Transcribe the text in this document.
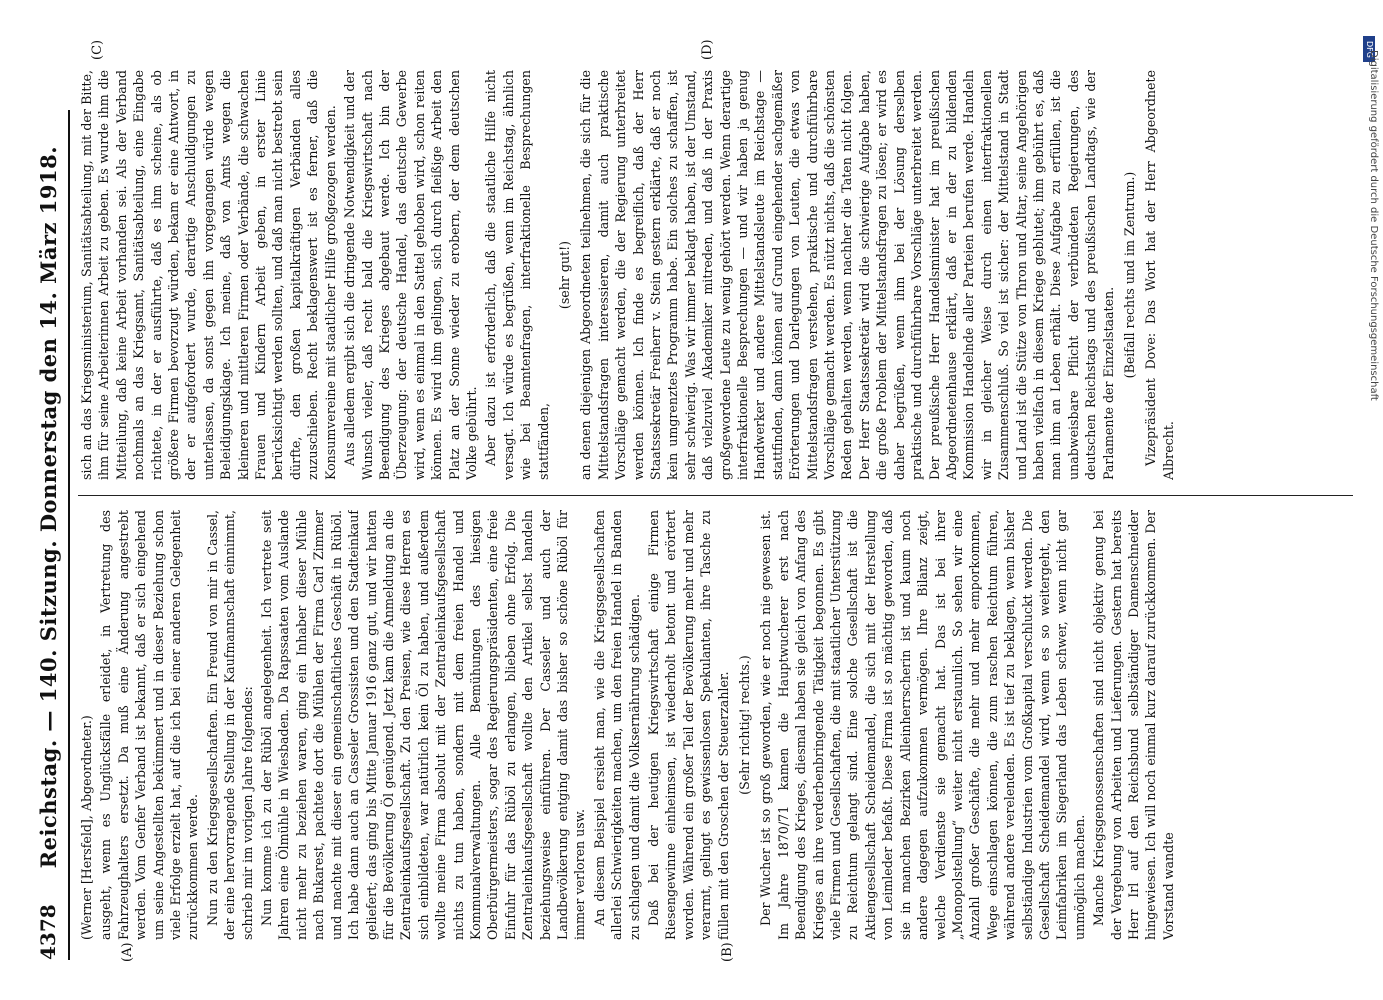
4378
Reichstag. — 140. Sitzung. Donnerstag den 14. März 1918.
(A)	(B)
(C)	(D)

(Werner [Hersfeld], Abgeordneter.) ausgeht, wenn es Unglücksfälle erleidet, in Vertretung des Fahrzeughalters ersetzt. Da muß eine Änderung angestrebt werden. Vom Genfer Verband ist bekannt, daß er sich eingehend um seine Angestellten bekümmert und in dieser Beziehung schon viele Erfolge erzielt hat, auf die ich bei einer anderen Gelegenheit zurückkommen werde. Nun zu den Kriegsgesellschaften. Ein Freund von mir in Cassel, der eine hervorragende Stellung in der Kaufmannschaft einnimmt, schrieb mir im vorigen Jahre folgendes: Nun komme ich zu der Rüböl angelegenheit. Ich vertrete seit Jahren eine Ölmühle in Wiesbaden. Da Rapssaaten vom Auslande nicht mehr zu beziehen waren, ging ein Inhaber dieser Mühle nach Bukarest, pachtete dort die Mühlen der Firma Carl Zimmer und machte mit dieser ein gemeinschaftliches Geschäft in Rüböl. Ich habe dann auch an Casseler Grossisten und den Stadteinkauf geliefert; das ging bis Mitte Januar 1916 ganz gut, und wir hatten für die Bevölkerung Öl genügend. Jetzt kam die Anmeldung an die Zentraleinkaufsgesellschaft. Zu den Preisen, wie diese Herren es sich einbildeten, war natürlich kein Öl zu haben, und außerdem wollte meine Firma absolut mit der Zentraleinkaufsgesellschaft nichts zu tun haben, sondern mit dem freien Handel und Kommunalverwaltungen. Alle Bemühungen des hiesigen Oberbürgermeisters, sogar des Regierungspräsidenten, eine freie Einfuhr für das Rüböl zu erlangen, blieben ohne Erfolg. Die Zentraleinkaufsgesellschaft wollte den Artikel selbst handeln beziehungsweise einführen. Der Casseler und auch der Landbevölkerung entging damit das bisher so schöne Rüböl für immer verloren usw. An diesem Beispiel ersieht man, wie die Kriegsgesellschaften allerlei Schwierigkeiten machen, um den freien Handel in Banden zu schlagen und damit die Volksernährung schädigen. Daß bei der heutigen Kriegswirtschaft einige Firmen Riesengewinne einheimsen, ist wiederholt betont und erörtert worden. Während ein großer Teil der Bevölkerung mehr und mehr verarmt, gelingt es gewissenlosen Spekulanten, ihre Tasche zu füllen mit den Groschen der Steuerzahler. (Sehr richtig! rechts.) Der Wucher ist so groß geworden, wie er noch nie gewesen ist. Im Jahre 1870/71 kamen die Hauptwucherer erst nach Beendigung des Krieges, diesmal haben sie gleich von Anfang des Krieges an ihre verderbenbringende Tätigkeit begonnen. Es gibt viele Firmen und Gesellschaften, die mit staatlicher Unterstützung zu Reichtum gelangt sind. Eine solche Gesellschaft ist die Aktiengesellschaft Scheidemandel, die sich mit der Herstellung von Leimleder befaßt. Diese Firma ist so mächtig geworden, daß sie in manchen Bezirken Alleinherrscherin ist und kaum noch andere dagegen aufzukommen vermögen. Ihre Bilanz zeigt, welche Verdienste sie gemacht hat. Das ist bei ihrer „Monopolstellung“ weiter nicht erstaunlich. So sehen wir eine Anzahl großer Geschäfte, die mehr und mehr emporkommen, Wege einschlagen können, die zum raschen Reichtum führen, während andere verelenden. Es ist tief zu beklagen, wenn bisher selbständige Industrien vom Großkapital verschluckt werden. Die Gesellschaft Scheidemandel wird, wenn es so weitergeht, den Leimfabriken im Siegerland das Leben schwer, wenn nicht gar unmöglich machen. Manche Kriegsgenossenschaften sind nicht objektiv genug bei der Vergebung von Arbeiten und Lieferungen. Gestern hat bereits Herr Irl auf den Reichsbund selbständiger Damenschneider hingewiesen. Ich will noch einmal kurz darauf zurückkommen. Der Vorstand wandte

sich an das Kriegsministerium, Sanitätsabteilung, mit der Bitte, ihm für seine Arbeiterinnen Arbeit zu geben. Es wurde ihm die Mitteilung, daß keine Arbeit vorhanden sei. Als der Verband nochmals an das Kriegsamt, Sanitätsabteilung, eine Eingabe richtete, in der er ausführte, daß es ihm scheine, als ob größere Firmen bevorzugt würden, bekam er eine Antwort, in der er aufgefordert wurde, derartige Anschuldigungen zu unterlassen, da sonst gegen ihn vorgegangen würde wegen Beleidigungsklage. Ich meine, daß von Amts wegen die kleineren und mittleren Firmen oder Verbände, die schwachen Frauen und Kindern Arbeit geben, in erster Linie berücksichtigt werden sollten, und daß man nicht bestrebt sein dürfte, den großen kapitalkräftigen Verbänden alles zuzuschieben. Recht beklagenswert ist es ferner, daß die Konsumvereine mit staatlicher Hilfe großgezogen werden. Aus alledem ergibt sich die dringende Notwendigkeit und der Wunsch vieler, daß recht bald die Kriegswirtschaft nach Beendigung des Krieges abgebaut werde. Ich bin der Überzeugung: der deutsche Handel, das deutsche Gewerbe wird, wenn es einmal in den Sattel gehoben wird, schon reiten können. Es wird ihm gelingen, sich durch fleißige Arbeit den Platz an der Sonne wieder zu erobern, der dem deutschen Volke gebührt. Aber dazu ist erforderlich, daß die staatliche Hilfe nicht versagt. Ich würde es begrüßen, wenn im Reichstag, ähnlich wie bei Beamtenfragen, interfraktionelle Besprechungen stattfänden,

(sehr gut!) an denen diejenigen Abgeordneten teilnehmen, die sich für die Mittelstandsfragen interessieren, damit auch praktische Vorschläge gemacht werden, die der Regierung unterbreitet werden können. Ich finde es begreiflich, daß der Herr Staatssekretär Freiherr v. Stein gestern erklärte, daß er noch kein umgrenztes Programm habe. Ein solches zu schaffen, ist sehr schwierig. Was wir immer beklagt haben, ist der Umstand, daß vielzuviel Akademiker mitreden, und daß in der Praxis großgewordene Leute zu wenig gehört werden. Wenn derartige interfraktionelle Besprechungen — und wir haben ja genug Handwerker und andere Mittelstandsleute im Reichstage — stattfinden, dann können auf Grund eingehender sachgemäßer Erörterungen und Darlegungen von Leuten, die etwas von Mittelstandsfragen verstehen, praktische und durchführbare Vorschläge gemacht werden. Es nützt nichts, daß die schönsten Reden gehalten werden, wenn nachher die Taten nicht folgen. Der Herr Staatssekretär wird die schwierige Aufgabe haben, die große Problem der Mittelstandsfragen zu lösen; er wird es daher begrüßen, wenn ihm bei der Lösung derselben praktische und durchführbare Vorschläge unterbreitet werden. Der preußische Herr Handelsminister hat im preußischen Abgeordnetenhause erklärt, daß er in der zu bildenden Kommission Handelnde aller Parteien berufen werde. Handeln wir in gleicher Weise durch einen interfraktionellen Zusammenschluß. So viel ist sicher: der Mittelstand in Stadt und Land ist die Stütze von Thron und Altar, seine Angehörigen haben vielfach in diesem Kriege geblutet; ihm gebührt es, daß man ihm an Leben erhält. Diese Aufgabe zu erfüllen, ist die unabweisbare Pflicht der verbündeten Regierungen, des deutschen Reichstags und des preußischen Landtags, wie der Parlamente der Einzelstaaten.

(Beifall rechts und im Zentrum.) Vizepräsident Dove: Das Wort hat der Herr Abgeordnete Albrecht.

DFG
Digitalisierung gefördert durch die Deutsche Forschungsgemeinschaft
